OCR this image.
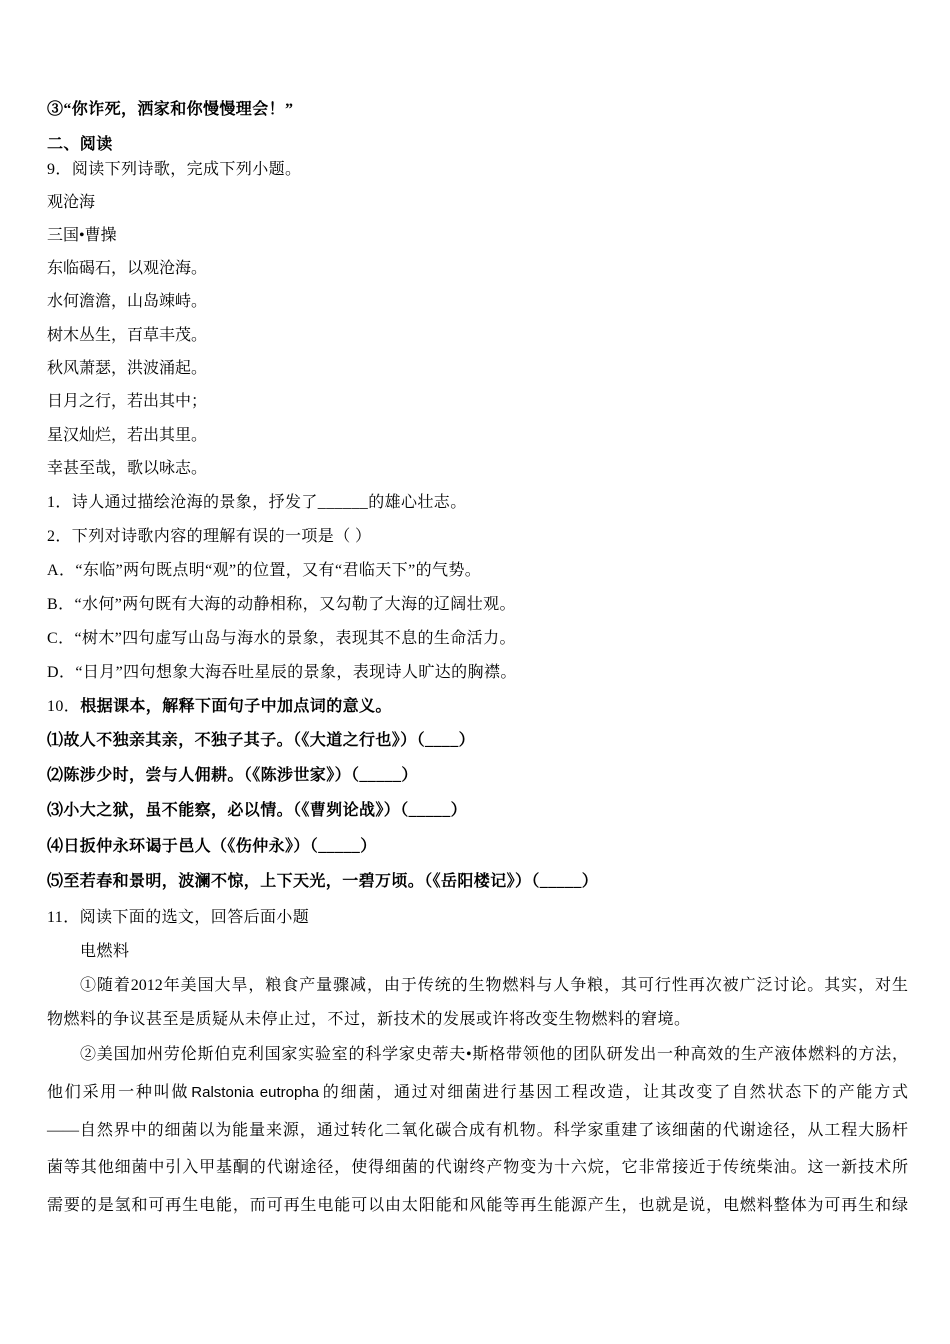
③“你诈死，洒家和你慢慢理会！”
二、阅读
9．阅读下列诗歌，完成下列小题。
观沧海
三国•曹操
东临碣石，以观沧海。
水何澹澹，山岛竦峙。
树木丛生，百草丰茂。
秋风萧瑟，洪波涌起。
日月之行，若出其中；
星汉灿烂，若出其里。
幸甚至哉，歌以咏志。
1．诗人通过描绘沧海的景象，抒发了______的雄心壮志。
2．下列对诗歌内容的理解有误的一项是（ ）
A．“东临”两句既点明“观”的位置，又有“君临天下”的气势。
B．“水何”两句既有大海的动静相称，又勾勒了大海的辽阔壮观。
C．“树木”四句虚写山岛与海水的景象，表现其不息的生命活力。
D．“日月”四句想象大海吞吐星辰的景象，表现诗人旷达的胸襟。
10．根据课本，解释下面句子中加点词的意义。
⑴故人不独亲其亲，不独子其子。（《大道之行也》）（____）
⑵陈涉少时，尝与人佣耕。（《陈涉世家》）（_____）
⑶小大之狱，虽不能察，必以情。（《曹刿论战》）（_____）
⑷日扳仲永环谒于邑人（《伤仲永》）（_____）
⑸至若春和景明，波澜不惊，上下天光，一碧万顷。（《岳阳楼记》）（_____）
11．阅读下面的选文，回答后面小题
电燃料
①随着2012年美国大旱，粮食产量骤减，由于传统的生物燃料与人争粮，其可行性再次被广泛讨论。其实，对生
物燃料的争议甚至是质疑从未停止过，不过，新技术的发展或许将改变生物燃料的窘境。
②美国加州劳伦斯伯克利国家实验室的科学家史蒂夫•斯格带领他的团队研发出一种高效的生产液体燃料的方法，
他们采用一种叫做 Ralstonia eutropha 的细菌，通过对细菌进行基因工程改造，让其改变了自然状态下的产能方式
——自然界中的细菌以为能量来源，通过转化二氧化碳合成有机物。科学家重建了该细菌的代谢途径，从工程大肠杆
菌等其他细菌中引入甲基酮的代谢途径，使得细菌的代谢终产物变为十六烷，它非常接近于传统柴油。这一新技术所
需要的是氢和可再生电能，而可再生电能可以由太阳能和风能等再生能源产生，也就是说，电燃料整体为可再生和绿
